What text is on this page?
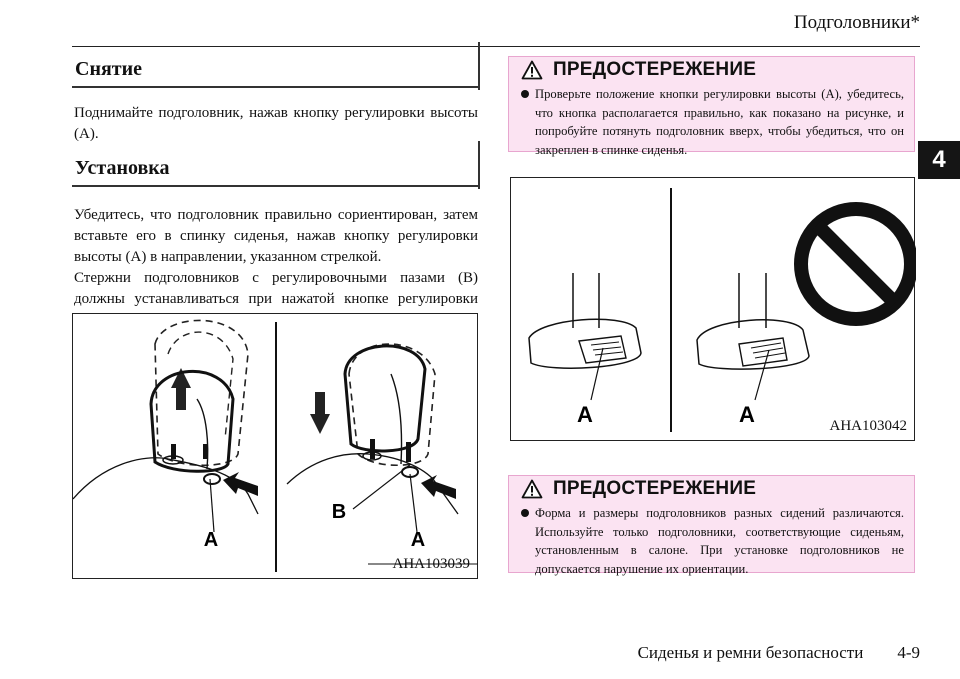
Подголовники*
4
Снятие
Поднимайте подголовник, нажав кнопку регулировки высоты (A).
Установка

Убедитесь, что подголовник правильно сориентирован, затем вставьте его в спинку сиденья, нажав кнопку регулировки высоты (A) в направлении, указанном стрелкой.

Стержни подголовников с регулировочными пазами (B) должны устанавливаться при нажатой кнопке регулировки

A
B
A
AHA103039
ПРЕДОСТЕРЕЖЕНИЕ
Проверьте положение кнопки регулировки высоты (A), убедитесь, что кнопка располагается правильно, как показано на рисунке, и попробуйте потянуть подголовник вверх, чтобы убедиться, что он закреплен в спинке сиденья.
A	A	AHA103042
ПРЕДОСТЕРЕЖЕНИЕ
Форма и размеры подголовников разных сидений различаются. Используйте только подголовники, соответствующие сиденьям, установленным в салоне. При установке подголовников не допускается нарушение их ориентации.
Сиденья и ремни безопасности 4-9
